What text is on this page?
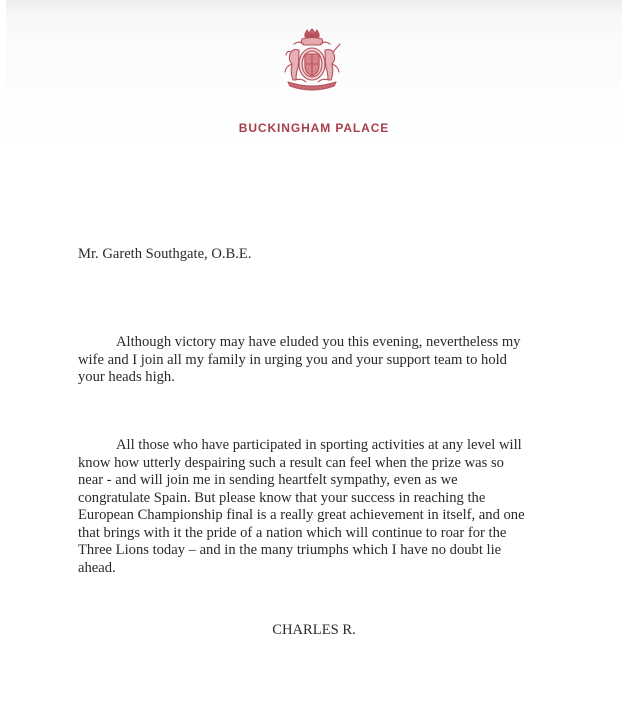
BUCKINGHAM PALACE
Mr. Gareth Southgate, O.B.E.

Although victory may have eluded you this evening, nevertheless my
wife and I join all my family in urging you and your support team to hold
your heads high.

All those who have participated in sporting activities at any level will
know how utterly despairing such a result can feel when the prize was so
near - and will join me in sending heartfelt sympathy, even as we
congratulate Spain. But please know that your success in reaching the
European Championship final is a really great achievement in itself, and one
that brings with it the pride of a nation which will continue to roar for the
Three Lions today – and in the many triumphs which I have no doubt lie
ahead.

CHARLES R.
